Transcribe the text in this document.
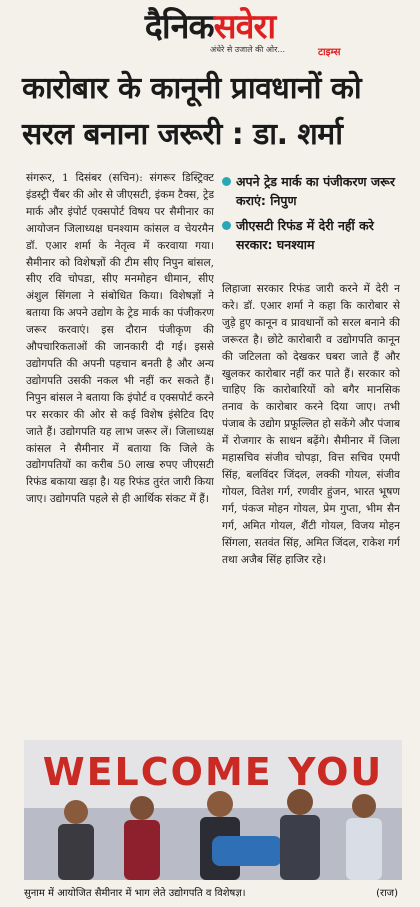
दैनिकसवेरा
अंधेरे से उजाले की ओर...	टाइम्स
कारोबार के कानूनी प्रावधानों को सरल बनाना जरूरी : डा. शर्मा
संगरूर, 1 दिसंबर (सचिन): संगरूर डिस्ट्रिक्ट इंडस्ट्री चैंबर की ओर से जीएसटी, इंकम टैक्स, ट्रेड मार्क और इंपोर्ट एक्सपोर्ट विषय पर सैमीनार का आयोजन जिलाध्यक्ष घनश्याम कांसल व चेयरमैन डॉ. एआर शर्मा के नेतृत्व में करवाया गया। सैमीनार को विशेषज्ञों की टीम सीए निपुन बांसल, सीए रवि चोपडा, सीए मनमोहन धीमान, सीए अंशुल सिंगला ने संबोधित किया। विशेषज्ञों ने बताया कि अपने उद्योग के ट्रेड मार्क का पंजीकरण जरूर करवाएं। इस दौरान पंजीकृण की औपचारिकताओं की जानकारी दी गई। इससे उद्योगपति की अपनी पहचान बनती है और अन्य उद्योगपति उसकी नकल भी नहीं कर सकते हैं। निपुन बांसल ने बताया कि इंपोर्ट व एक्सपोर्ट करने पर सरकार की ओर से कई विशेष इंसेटिव दिए जाते हैं। उद्योगपति यह लाभ जरूर लें। जिलाध्यक्ष कांसल ने सैमीनार में बताया कि जिले के उद्योगपतियों का करीब 50 लाख रुपए जीएसटी रिफंड बकाया खड़ा है। यह रिफंड तुरंत जारी किया जाए। उद्योगपति पहले से ही आर्थिक संकट में हैं।
अपने ट्रेड मार्क का पंजीकरण जरूर कराएं: निपुण
जीएसटी रिफंड में देरी नहीं करे सरकार: घनश्याम
लिहाजा सरकार रिफंड जारी करने में देरी न करे। डॉ. एआर शर्मा ने कहा कि कारोबार से जुड़े हुए कानून व प्रावधानों को सरल बनाने की जरूरत है। छोटे कारोबारी व उद्योगपति कानून की जटिलता को देखकर घबरा जाते हैं और खुलकर कारोबार नहीं कर पाते हैं। सरकार को चाहिए कि कारोबारियों को बगैर मानसिक तनाव के कारोबार करने दिया जाए। तभी पंजाब के उद्योग प्रफूल्लित हो सकेंगे और पंजाब में रोजगार के साधन बढ़ेंगे। सैमीनार में जिला महासचिव संजीव चोपड़ा, वित्त सचिव एमपी सिंह, बलविंदर जिंदल, लक्की गोयल, संजीव गोयल, वितेश गर्ग, रणवीर हुंजन, भारत भूषण गर्ग, पंकज मोहन गोयल, प्रेम गुप्ता, भीम सैन गर्ग, अमित गोयल, शैंटी गोयल, विजय मोहन सिंगला, सतवंत सिंह, अमित जिंदल, राकेश गर्ग तथा अजैब सिंह हाजिर रहे।
WELCOME YOU
सुनाम में आयोजित सैमीनार में भाग लेते उद्योगपति व विशेषज्ञ।	(राज)
